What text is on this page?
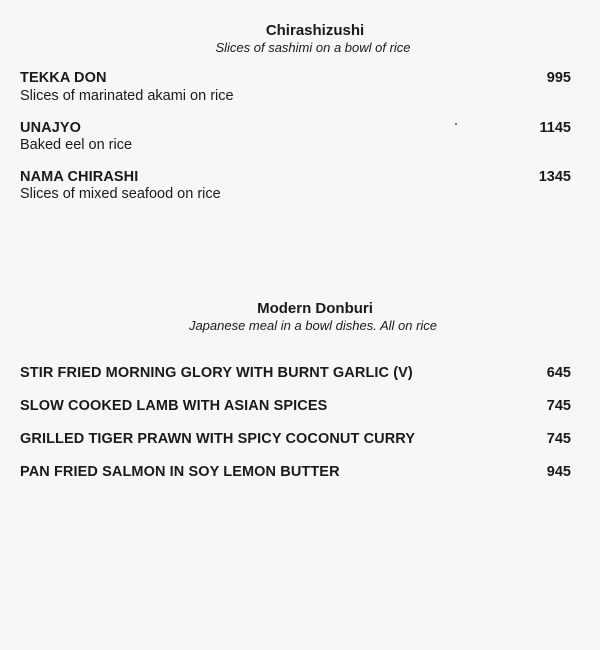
Chirashizushi
Slices of sashimi on a bowl of rice
TEKKA DON	995
Slices of marinated akami on rice
UNAJYO	1145
Baked eel on rice
NAMA CHIRASHI	1345
Slices of mixed seafood on rice
Modern Donburi
Japanese meal in a bowl dishes. All on rice
STIR FRIED MORNING GLORY WITH BURNT GARLIC (V)	645
SLOW COOKED LAMB WITH ASIAN SPICES	745
GRILLED TIGER PRAWN WITH SPICY COCONUT CURRY	745
PAN FRIED SALMON IN SOY LEMON BUTTER	945
